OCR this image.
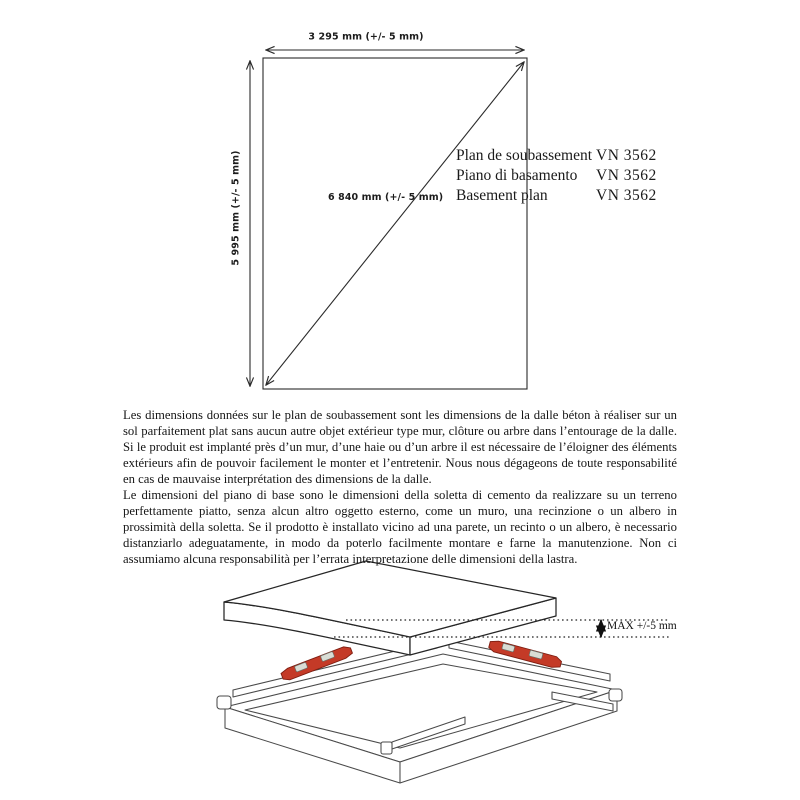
3 295 mm (+/- 5 mm)
5 995 mm (+/- 5 mm)	6 840 mm (+/- 5 mm)
Plan de soubassement VN 3562
Piano di basamento	VN 3562
Basement plan	VN 3562

Les dimensions données sur le plan de soubassement sont les dimensions de la dalle béton à réaliser sur un sol parfaitement plat sans aucun autre objet extérieur type mur, clôture ou arbre dans l’entourage de la dalle. Si le produit est implanté près d’un mur, d’une haie ou d’un arbre il est nécessaire de l’éloigner des éléments extérieurs afin de pouvoir facilement le monter et l’entretenir. Nous nous dégageons de toute responsabilité en cas de mauvaise interprétation des dimensions de la dalle.

Le dimensioni del piano di base sono le dimensioni della soletta di cemento da realizzare su un terreno perfettamente piatto, senza alcun altro oggetto esterno, come un muro, una recinzione o un albero in prossimità della soletta. Se il prodotto è installato vicino ad una parete, un recinto o un albero, è necessario distanziarlo adeguatamente, in modo da poterlo facilmente montare e farne la manutenzione. Non ci assumiamo alcuna responsabilità per l’errata interpretazione delle dimensioni della lastra.

MAX +/-5 mm
